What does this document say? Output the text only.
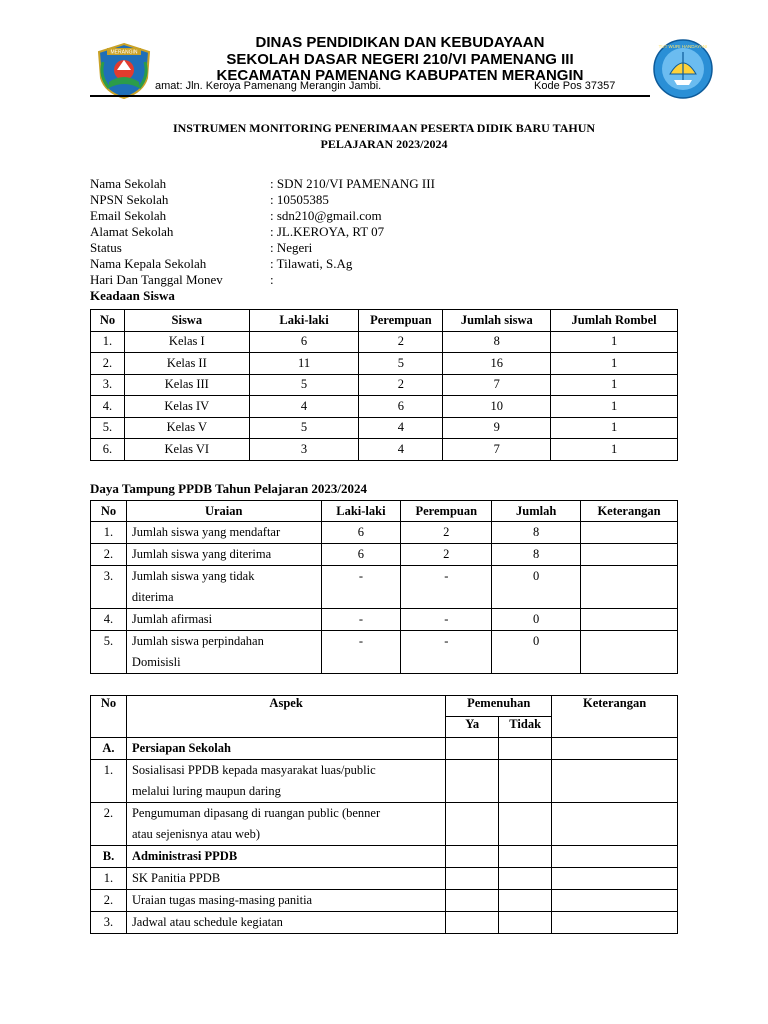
MERANGIN
DINAS PENDIDIKAN DAN KEBUDAYAAN
SEKOLAH DASAR NEGERI 210/VI PAMENANG III
KECAMATAN PAMENANG KABUPATEN MERANGIN
amat: Jln. Keroya Pamenang Merangin Jambi.	Kode Pos 37357
TUT WURI HANDAYANI
INSTRUMEN MONITORING PENERIMAAN PESERTA DIDIK BARU TAHUN
PELAJARAN 2023/2024
Nama Sekolah	: SDN 210/VI PAMENANG III
NPSN Sekolah	: 10505385
Email Sekolah	: sdn210@gmail.com
Alamat Sekolah	: JL.KEROYA, RT 07
Status	: Negeri
Nama Kepala Sekolah	: Tilawati, S.Ag
Hari Dan Tanggal Monev	:
Keadaan Siswa
No	Siswa	Laki-laki	Perempuan	Jumlah siswa	Jumlah Rombel
1.	Kelas I	6	2	8	1
2.	Kelas II	11	5	16	1
3.	Kelas III	5	2	7	1
4.	Kelas IV	4	6	10	1
5.	Kelas V	5	4	9	1
6.	Kelas VI	3	4	7	1
Daya Tampung PPDB Tahun Pelajaran 2023/2024
No	Uraian	Laki-laki	Perempuan	Jumlah	Keterangan
1.	Jumlah siswa yang mendaftar	6	2	8	
2.	Jumlah siswa yang diterima	6	2	8	
3.	Jumlah siswa yang tidak
diterima	-	-	0	
4.	Jumlah afirmasi	-	-	0	
5.	Jumlah siswa perpindahan
Domisisli	-	-	0	
No	Aspek	Pemenuhan		Keterangan
		Ya	Tidak	
A.	Persiapan Sekolah			
1.	Sosialisasi PPDB kepada masyarakat luas/public
melalui luring maupun daring			

2.	Pengumuman dipasang di ruangan public (benner
atau sejenisnya atau web)			

B.	Administrasi PPDB			
1.	SK Panitia PPDB			
2.	Uraian tugas masing-masing panitia			
3.	Jadwal atau schedule kegiatan			
